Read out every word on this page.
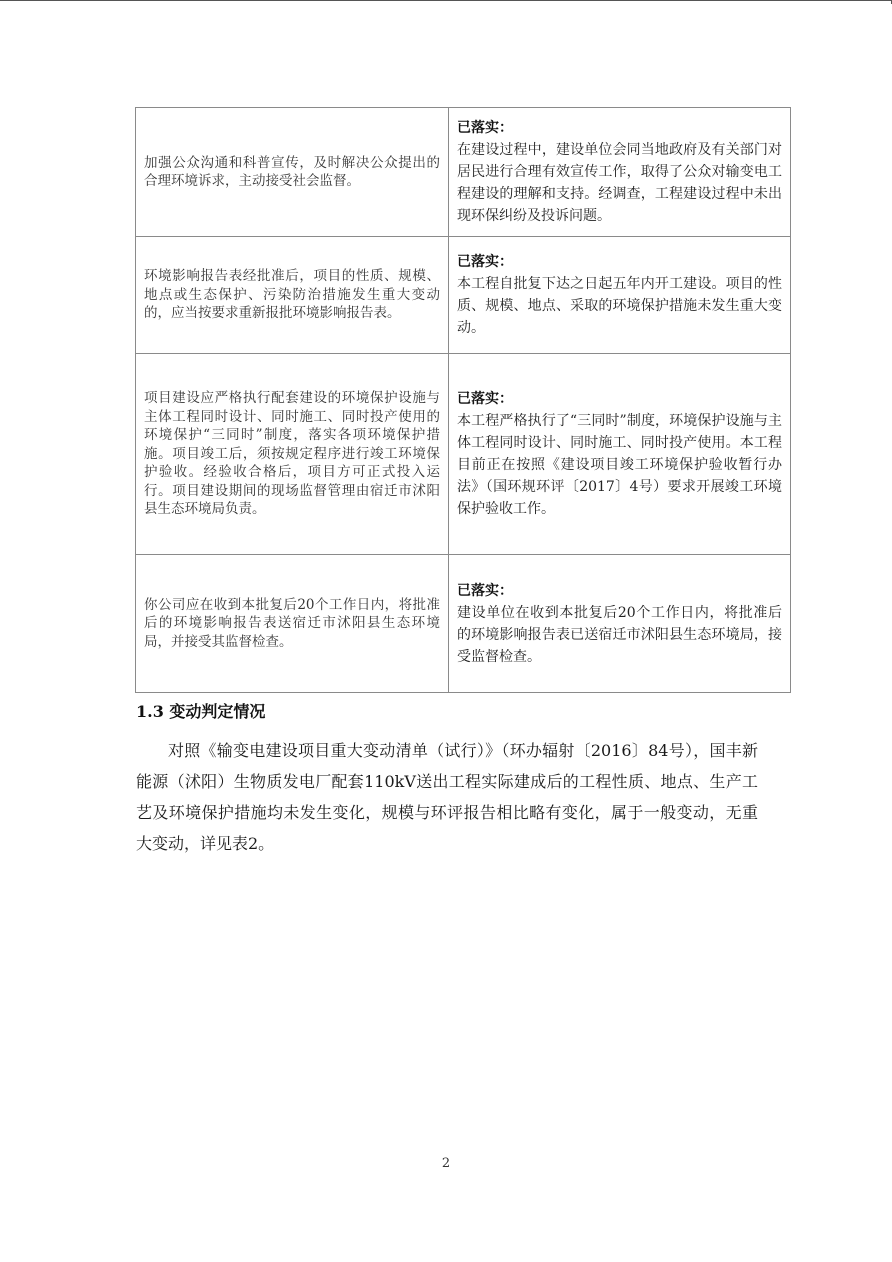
加强公众沟通和科普宣传，及时解决公众提出的合理环境诉求，主动接受社会监督。	已落实：
在建设过程中，建设单位会同当地政府及有关部门对居民进行合理有效宣传工作，取得了公众对输变电工程建设的理解和支持。经调查，工程建设过程中未出现环保纠纷及投诉问题。

环境影响报告表经批准后，项目的性质、规模、地点或生态保护、污染防治措施发生重大变动的，应当按要求重新报批环境影响报告表。	已落实：
本工程自批复下达之日起五年内开工建设。项目的性质、规模、地点、采取的环境保护措施未发生重大变动。

项目建设应严格执行配套建设的环境保护设施与主体工程同时设计、同时施工、同时投产使用的环境保护“三同时”制度，落实各项环境保护措施。项目竣工后，须按规定程序进行竣工环境保护验收。经验收合格后，项目方可正式投入运行。项目建设期间的现场监督管理由宿迁市沭阳县生态环境局负责。	已落实：
本工程严格执行了“三同时”制度，环境保护设施与主体工程同时设计、同时施工、同时投产使用。本工程目前正在按照《建设项目竣工环境保护验收暂行办法》（国环规环评〔2017〕4号）要求开展竣工环境保护验收工作。

你公司应在收到本批复后20个工作日内，将批准后的环境影响报告表送宿迁市沭阳县生态环境局，并接受其监督检查。	已落实：
建设单位在收到本批复后20个工作日内，将批准后的环境影响报告表已送宿迁市沭阳县生态环境局，接受监督检查。
1.3 变动判定情况

对照《输变电建设项目重大变动清单（试行）》（环办辐射〔2016〕84号），国丰新能源（沭阳）生物质发电厂配套110kV送出工程实际建成后的工程性质、地点、生产工艺及环境保护措施均未发生变化，规模与环评报告相比略有变化，属于一般变动，无重大变动，详见表2。

2
